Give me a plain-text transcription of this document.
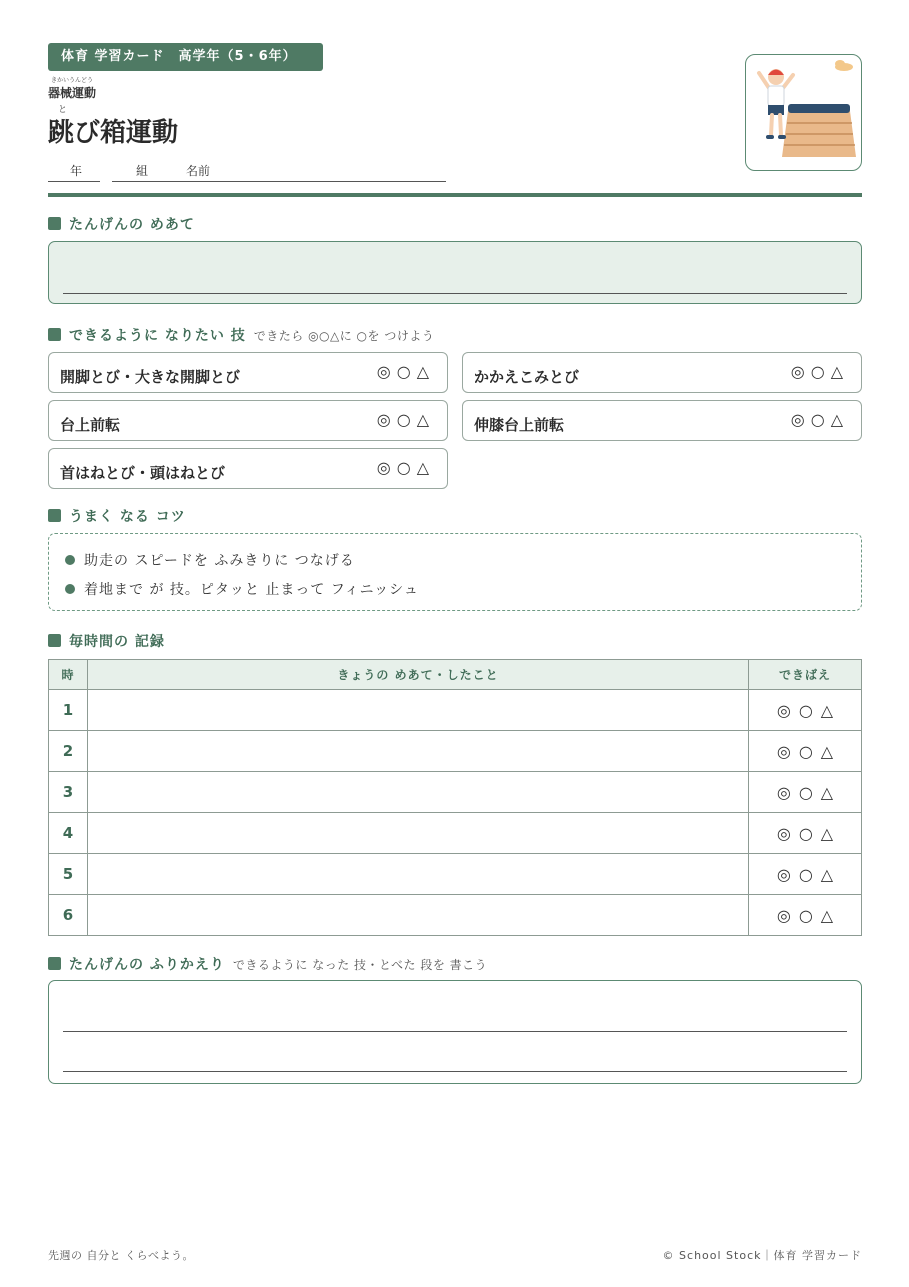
体育 学習カード　高学年（5・6年）
きかいうんどう
器械運動
と
跳び箱運動
年	組	名前
たんげんの めあて
できるように なりたい 技 できたら ◎○△に ○を つけよう
開脚とび・大きな開脚とび	◎○△	かかえこみとび	◎○△
台上前転	◎○△	伸膝台上前転	◎○△
首はねとび・頭はねとび	◎○△
うまく なる コツ
助走の スピードを ふみきりに つなげる
着地まで が 技。ピタッと 止まって フィニッシュ
毎時間の 記録
時	きょうの めあて・したこと	できばえ
1		◎○△
2		◎○△
3		◎○△
4		◎○△
5		◎○△
6		◎○△
たんげんの ふりかえり できるように なった 技・とべた 段を 書こう
先週の 自分と くらべよう。	© School Stock｜体育 学習カード
